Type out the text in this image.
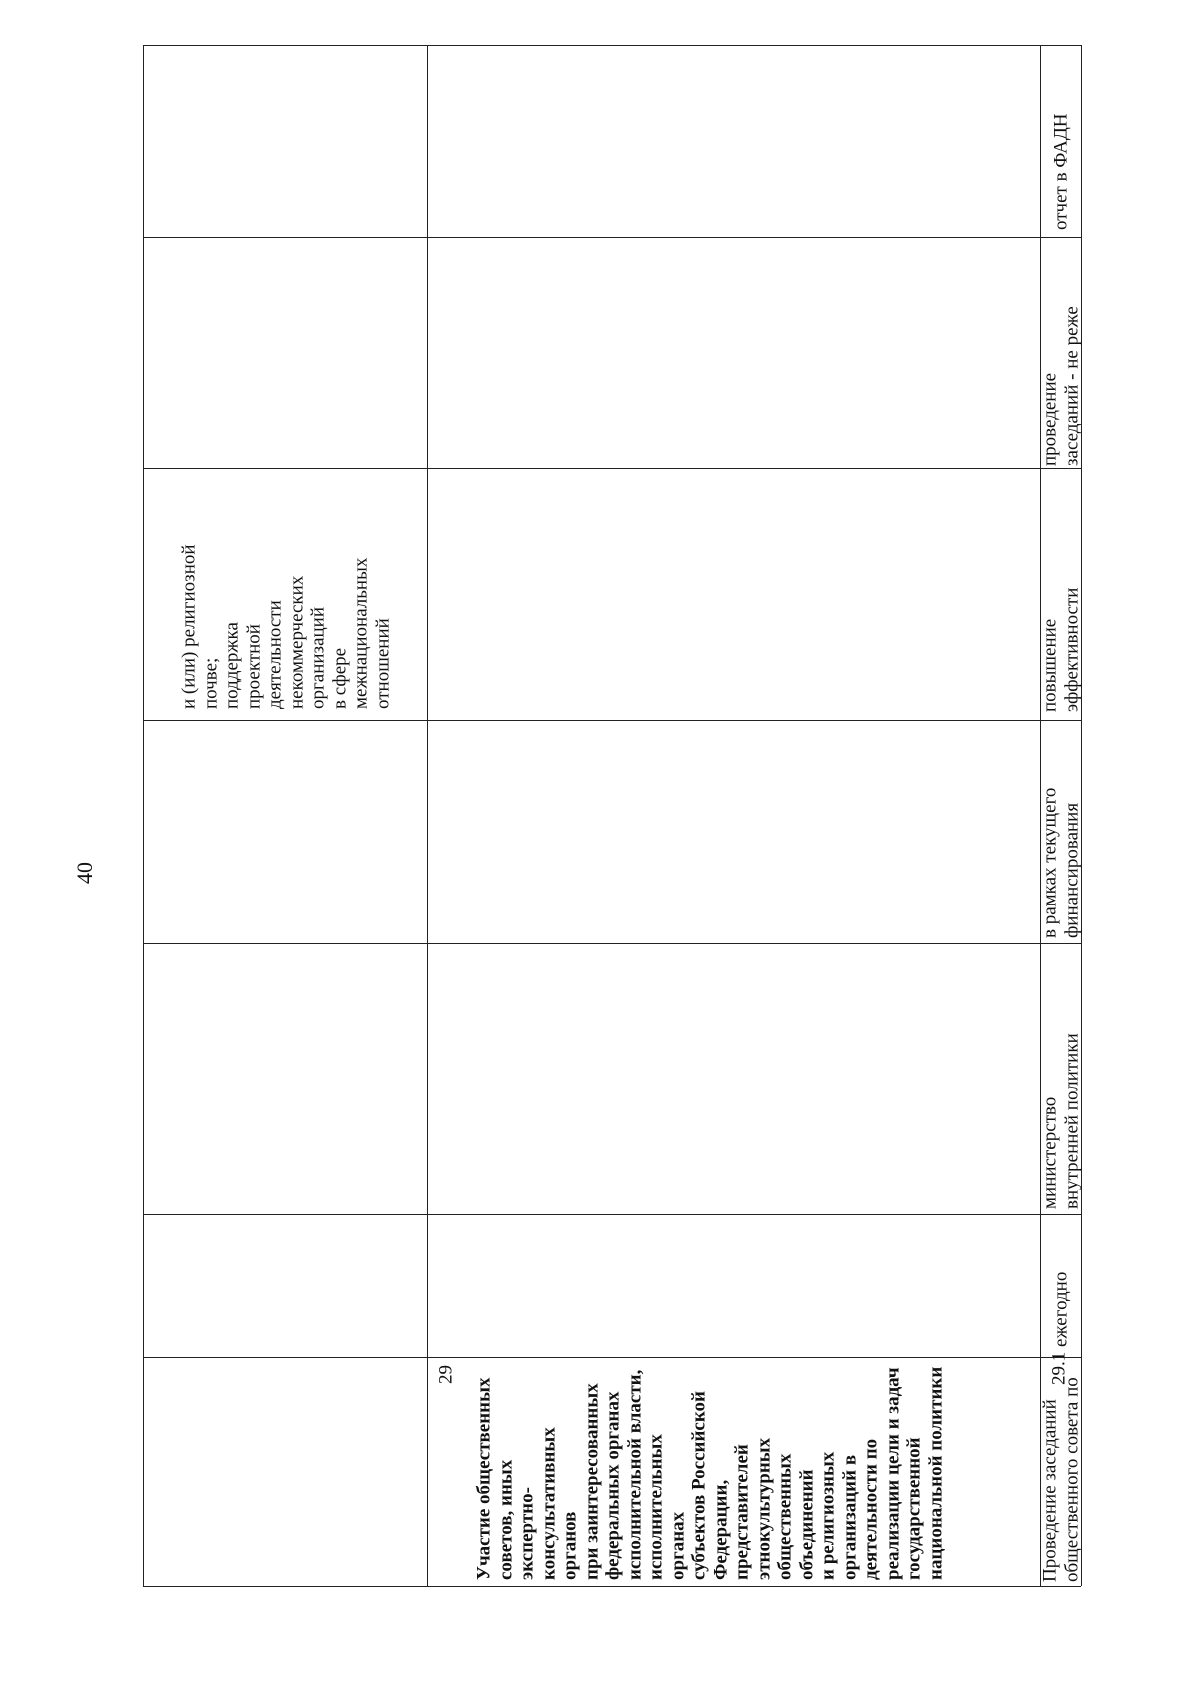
40
и (или) религиозной
почве;
поддержка
проектной
деятельности
некоммерческих
организаций
в сфере
межнациональных
отношений
29
Участие общественных
советов, иных
экспертно-
консультативных
органов
при заинтересованных
федеральных органах
исполнительной власти,
исполнительных
органах
субъектов Российской
Федерации,
представителей
этнокультурных
общественных
объединений
и религиозных
организаций в
деятельности по
реализации цели и задач
государственной
национальной политики	29.1
Проведение заседаний
общественного совета по
ежегодно
министерство
внутренней политики
в рамках текущего
финансирования
повышение
эффективности
проведение
заседаний - не реже
отчет в ФАДН
